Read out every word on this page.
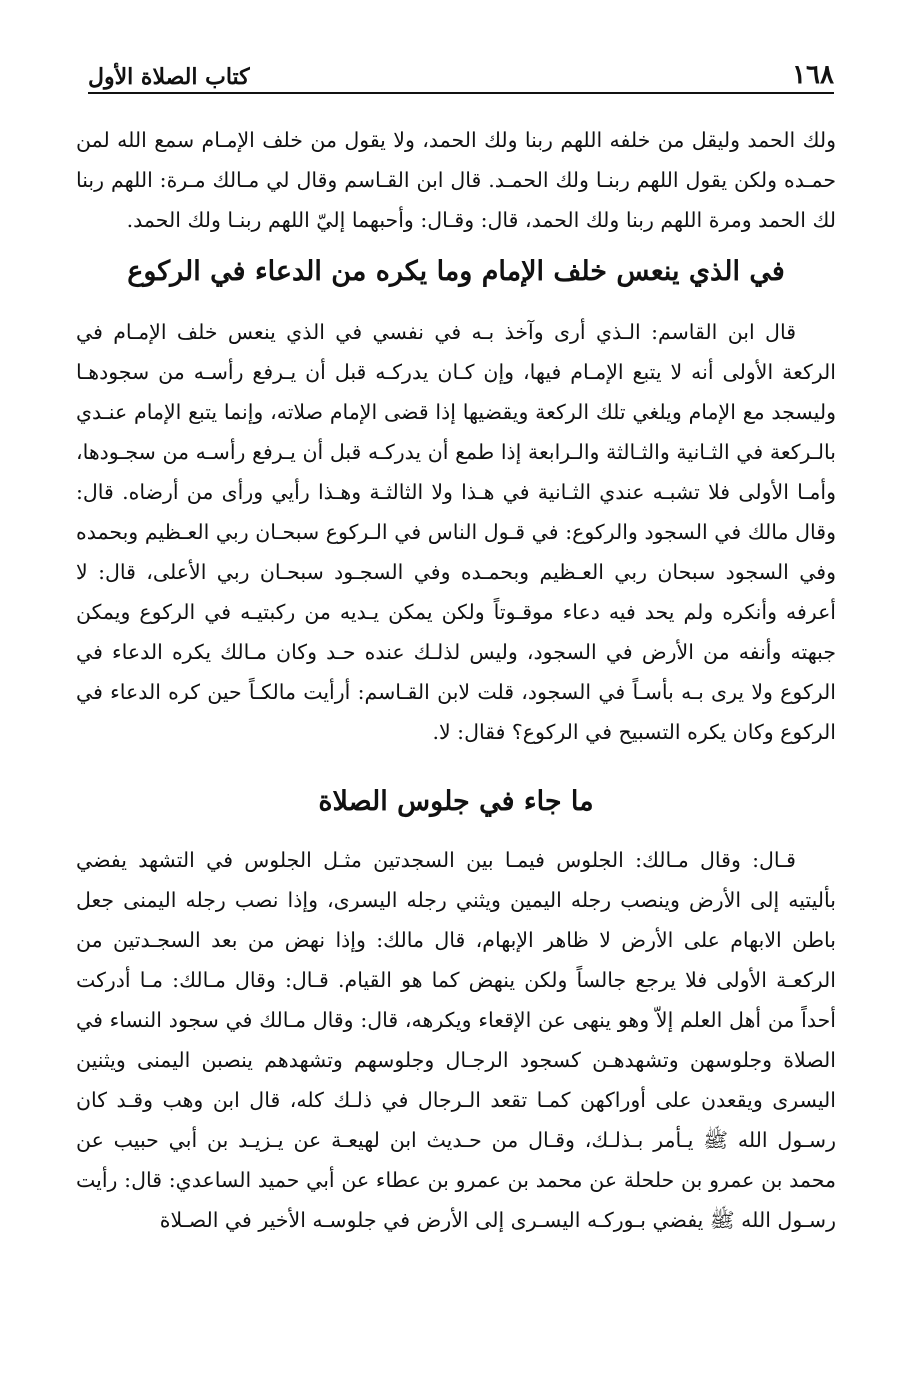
١٦٨
كتاب الصلاة الأول

ولك الحمد وليقل من خلفه اللهم ربنا ولك الحمد، ولا يقول من خلف الإمـام سمع الله لمن حمـده ولكن يقول اللهم ربنـا ولك الحمـد. قال ابن القـاسم وقال لي مـالك مـرة: اللهم ربنا لك الحمد ومرة اللهم ربنا ولك الحمد، قال: وقـال: وأحبهما إليّ اللهم ربنـا ولك الحمد.

في الذي ينعس خلف الإمام وما يكره من الدعاء في الركوع

قال ابن القاسم: الـذي أرى وآخذ بـه في نفسي في الذي ينعس خلف الإمـام في الركعة الأولى أنه لا يتبع الإمـام فيها، وإن كـان يدركـه قبل أن يـرفع رأسـه من سجودهـا وليسجد مع الإمام ويلغي تلك الركعة ويقضيها إذا قضى الإمام صلاته، وإنما يتبع الإمام عنـدي بالـركعة في الثـانية والثـالثة والـرابعة إذا طمع أن يدركـه قبل أن يـرفع رأسـه من سجـودها، وأمـا الأولى فلا تشبـه عندي الثـانية في هـذا ولا الثالثـة وهـذا رأيي ورأى من أرضاه. قال: وقال مالك في السجود والركوع: في قـول الناس في الـركوع سبحـان ربي العـظيم وبحمده وفي السجود سبحان ربي العـظيم وبحمـده وفي السجـود سبحـان ربي الأعلى، قال: لا أعرفه وأنكره ولم يحد فيه دعاء موقـوتاً ولكن يمكن يـديه من ركبتيـه في الركوع ويمكن جبهته وأنفه من الأرض في السجود، وليس لذلـك عنده حـد وكان مـالك يكره الدعاء في الركوع ولا يرى بـه بأسـاً في السجود، قلت لابن القـاسم: أرأيت مالكـاً حين كره الدعاء في الركوع وكان يكره التسبيح في الركوع؟ فقال: لا.

ما جاء في جلوس الصلاة

قـال: وقال مـالك: الجلوس فيمـا بين السجدتين مثـل الجلوس في التشهد يفضي بأليتيه إلى الأرض وينصب رجله اليمين ويثني رجله اليسرى، وإذا نصب رجله اليمنى جعل باطن الابهام على الأرض لا ظاهر الإبهام، قال مالك: وإذا نهض من بعد السجـدتين من الركعـة الأولى فلا يرجع جالساً ولكن ينهض كما هو القيام. قـال: وقال مـالك: مـا أدركت أحداً من أهل العلم إلاّ وهو ينهى عن الإقعاء ويكرهه، قال: وقال مـالك في سجود النساء في الصلاة وجلوسهن وتشهدهـن كسجود الرجـال وجلوسهم وتشهدهم ينصبن اليمنى ويثنين اليسرى ويقعدن على أوراكهن كمـا تقعد الـرجال في ذلـك كله، قال ابن وهب وقـد كان رسـول الله ﷺ يـأمر بـذلـك، وقـال من حـديث ابن لهيعـة عن يـزيـد بن أبي حبيب عن محمد بن عمرو بن حلحلة عن محمد بن عمرو بن عطاء عن أبي حميد الساعدي: قال: رأيت رسـول الله ﷺ يفضي بـوركـه اليسـرى إلى الأرض في جلوسـه الأخير في الصـلاة
